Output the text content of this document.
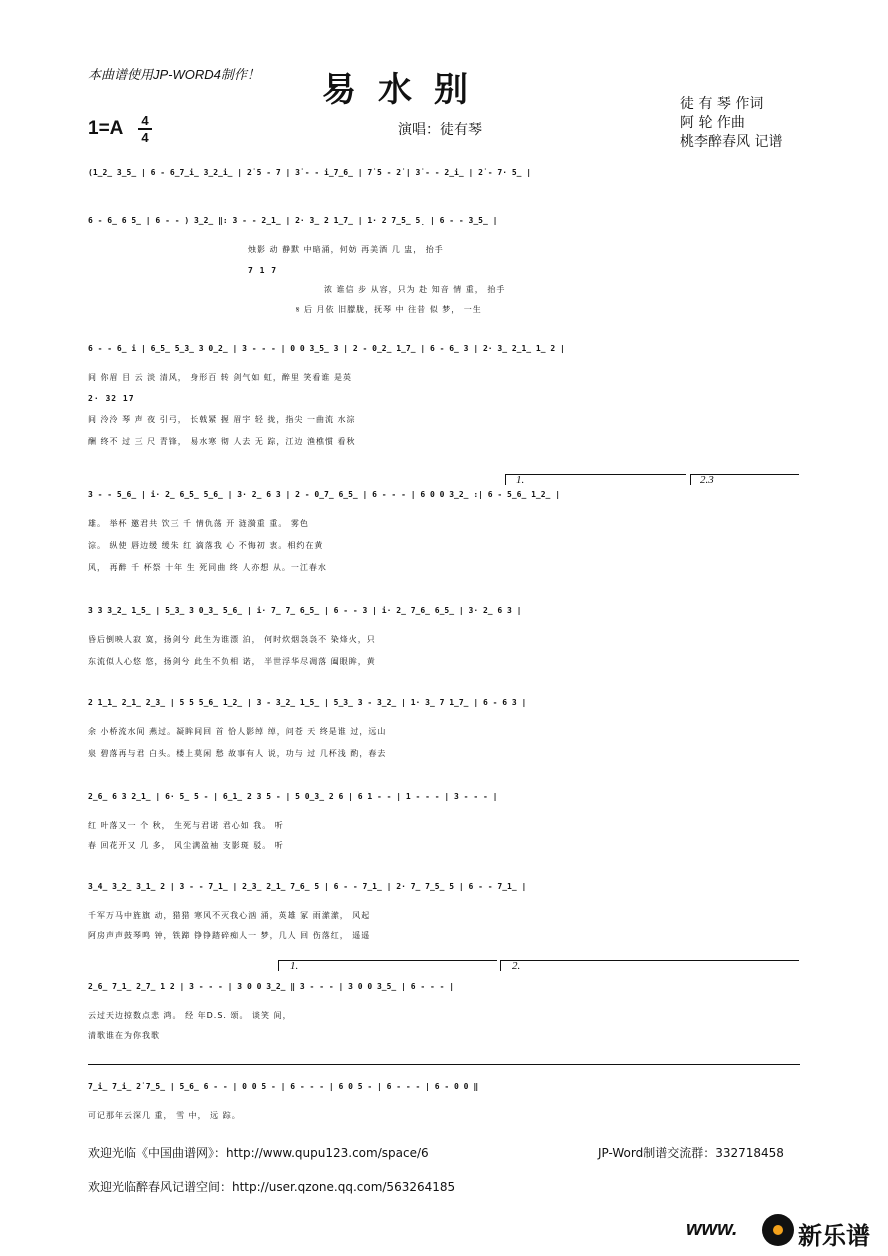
本曲谱使用JP-WORD4制作！ 易水别
1=A 4
4	演唱：徒有琴
徒 有 琴 作词
阿 轮 作曲
桃李醉春风 记谱
(1̲2̲ 3̲5̲ | 6 - 6̲7̲i̲ 3̲2̲i̲ | 2̇ 5 - 7 | 3̇ - - i̲7̲6̲ | 7̇ 5 - 2̇ | 3̇ - - 2̲i̲ | 2̇ - 7· 5̲ |
6 - 6̲ 6 5̲ | 6 - - ) 3̲2̲ ‖: 3 - - 2̲1̲ | 2· 3̲ 2 1̲7̲ | 1· 2 7̲5̲ 5̣ | 6 - - 3̲5̲ |
烛影 动 静默 中暗涌，何妨 再美酒 几 盅， 抬手
7 1 7
浓 谁信 步 从容，只为 赴 知音 情 重， 抬手
𝄋 后 月依 旧朦胧，抚琴 中 往昔 似 梦， 一生
6 - - 6̲ i | 6̲5̲ 5̲3̲ 3 0̲2̲ | 3 - - - | 0 0 3̲5̲ 3 | 2 - 0̲2̲ 1̲7̲ | 6 - 6̲ 3 | 2· 3̲ 2̲1̲ 1̲ 2 |
间 你眉 目 云 淡 清风， 身形百 转 剑气如 虹，醉里 笑看谁 是英
2· 32 17
间 泠泠 琴 声 夜 引弓， 长戟紧 握 眉宇 轻 拢，指尖 一曲流 水淙
酬 终不 过 三 尺 青锋， 易水寒 彻 人去 无 踪，江边 渔樵惯 看秋
1.	2.3
3 - - 5̲6̲ | i· 2̲ 6̲5̲ 5̲6̲ | 3· 2̲ 6 3 | 2 - 0̲7̲ 6̲5̲ | 6 - - - | 6 0 0 3̲2̲ :| 6 - 5̲6̲ 1̲2̲ |
雄。 举杯 邀君共 饮三 千 情仇荡 开 涟漪重 重。 雾色
淙。 纵使 唇边缓 缓朱 红 滴落我 心 不悔初 衷。相约在黄
风， 再醉 千 杯祭 十年 生 死同曲 终 人亦想 从。一江春水
3 3 3̲2̲ 1̲5̲ | 5̲3̲ 3 0̲3̲ 5̲6̲ | i· 7̲ 7̲ 6̲5̲ | 6 - - 3 | i· 2̲ 7̲6̲ 6̲5̲ | 3· 2̲ 6 3 |
昏后倒映人寂 寞，扬剑兮 此生为谁漂 泊， 何时炊烟袅袅不 染烽火，只
东流似人心悠 悠，扬剑兮 此生不负相 诺， 半世浮华尽凋落 阖眼眸，黄
2 1̲1̲ 2̲1̲ 2̲3̲ | 5 5 5̲6̲ 1̲2̲ | 3 - 3̲2̲ 1̲5̲ | 5̲3̲ 3 - 3̲2̲ | 1· 3̲ 7 1̲7̲ | 6 - 6 3 |
余 小桥流水间 燕过。凝眸间回 首 恰人影绰 绰，问苍 天 终是谁 过，远山
泉 碧落再与君 白头。楼上莫闲 愁 故事有人 说，功与 过 几杯浅 酌，春去
2̲6̲ 6 3 2̲1̲ | 6· 5̲ 5 - | 6̲1̲ 2 3 5 - | 5 0̲3̲ 2 6 | 6 1 - - | 1 - - - | 3 - - - |
红 叶落又一 个 秋， 生死与君诺 君心如 我。 听
春 回花开又 几 多， 风尘满盈袖 支影斑 驳。 听
3̲4̲ 3̲2̲ 3̲1̲ 2 | 3 - - 7̲1̲ | 2̲3̲ 2̲1̲ 7̲6̲ 5 | 6 - - 7̲1̲ | 2· 7̲ 7̲5̲ 5 | 6 - - 7̲1̲ |
千军万马中旌旗 动，猎猎 寒风不灭我心汹 涌，英雄 冢 雨潆潆， 风起
阿房声声鼓琴鸣 钟，铁蹄 铮铮踏碎痴人一 梦，几人 回 伤落红， 遥遥
1.	2.
2̲6̲ 7̲1̲ 2̲7̲ 1 2 | 3 - - - | 3 0 0 3̲2̲ ‖ 3 - - - | 3 0 0 3̲5̲ | 6 - - - |
云过天边掠数点悲 鸿。 经 年D.S. 颂。 谈笑 间，
清歌谁在为你我歌
7̲i̲ 7̲i̲ 2̇ 7̲5̲ | 5̲6̲ 6 - - | 0 0 5 - | 6 - - - | 6 0 5 - | 6 - - - | 6 - 0 0 ‖
可记那年云深几 重， 雪 中， 远 踪。
欢迎光临《中国曲谱网》：http://www.qupu123.com/space/6	JP-Word制谱交流群：332718458
欢迎光临醉春风记谱空间：http://user.qzone.qq.com/563264185
www.	新乐谱
